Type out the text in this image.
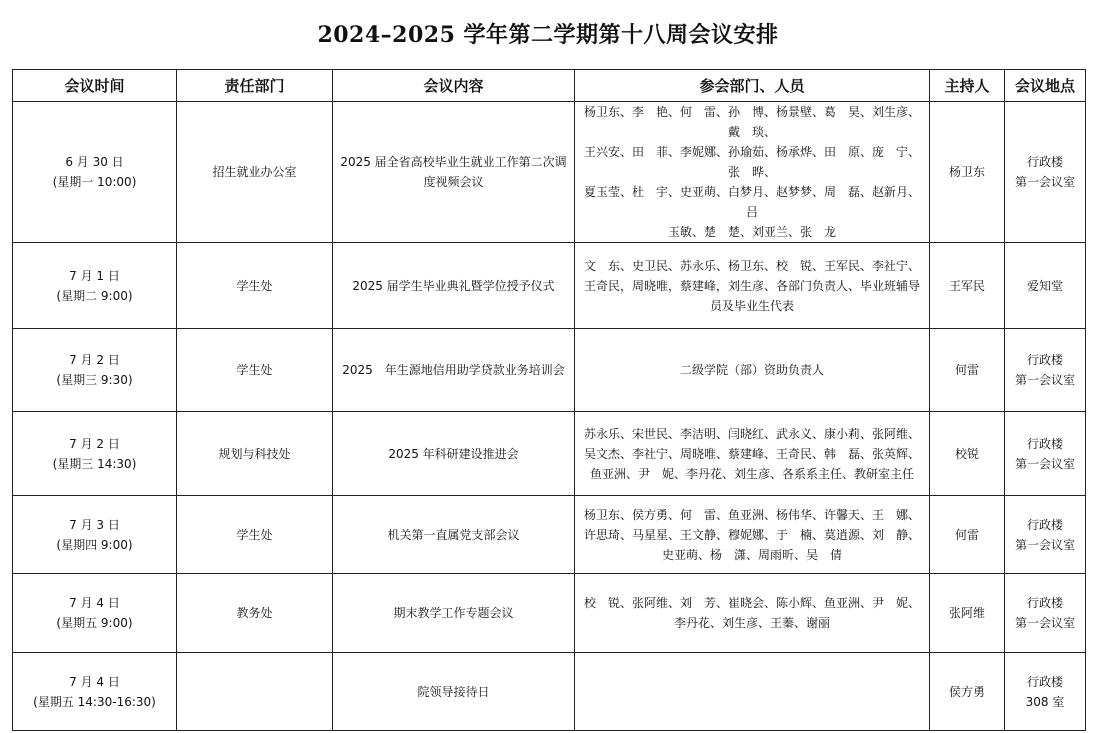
2024–2025 学年第二学期第十八周会议安排
会议时间	责任部门	会议内容	参会部门、人员	主持人	会议地点

6 月 30 日
(星期一 10:00)	招生就业办公室	2025 届全省高校毕业生就业工作第二次调
度视频会议	杨卫东、李　艳、何　雷、孙　博、杨景壁、葛　昊、刘生彦、戴　琰、
王兴安、田　菲、李妮娜、孙瑜茹、杨承烨、田　原、庞　宁、张　晔、
夏玉莹、杜　宇、史亚萌、白梦月、赵梦梦、周　磊、赵新月、吕
玉敏、楚　楚、刘亚兰、张　龙	杨卫东	行政楼
第一会议室

7 月 1 日
(星期二 9:00)	学生处	2025 届学生毕业典礼暨学位授予仪式	文　东、史卫民、苏永乐、杨卫东、校　锐、王军民、李社宁、
王奇民，周晓唯，蔡建峰，刘生彦、各部门负责人、毕业班辅导
员及毕业生代表	王军民	爱知堂

7 月 2 日
(星期三 9:30)	学生处	2025　年生源地信用助学贷款业务培训会	二级学院（部）资助负责人	何雷	行政楼
第一会议室

7 月 2 日
(星期三 14:30)	规划与科技处	2025 年科研建设推进会	苏永乐、宋世民、李洁明、闫晓红、武永义、康小莉、张阿维、
吴文杰、李社宁、周晓唯、蔡建峰、王奇民、韩　磊、张英辉、
鱼亚洲、尹　妮、李丹花、刘生彦、各系系主任、教研室主任	校锐	行政楼
第一会议室

7 月 3 日
(星期四 9:00)	学生处	机关第一直属党支部会议	杨卫东、侯方勇、何　雷、鱼亚洲、杨伟华、许馨天、王　娜、
许思琦、马星星、王文静、穆妮娜、于　楠、莫逍源、刘　静、
史亚萌、杨　潇、周雨昕、吴　倩	何雷	行政楼
第一会议室

7 月 4 日
(星期五 9:00)	教务处	期末教学工作专题会议	校　锐、张阿维、刘　芳、崔晓会、陈小辉、鱼亚洲、尹　妮、
李丹花、刘生彦、王蓁、谢丽	张阿维	行政楼
第一会议室

7 月 4 日
(星期五 14:30-16:30)		院领导接待日		侯方勇	行政楼
308 室
